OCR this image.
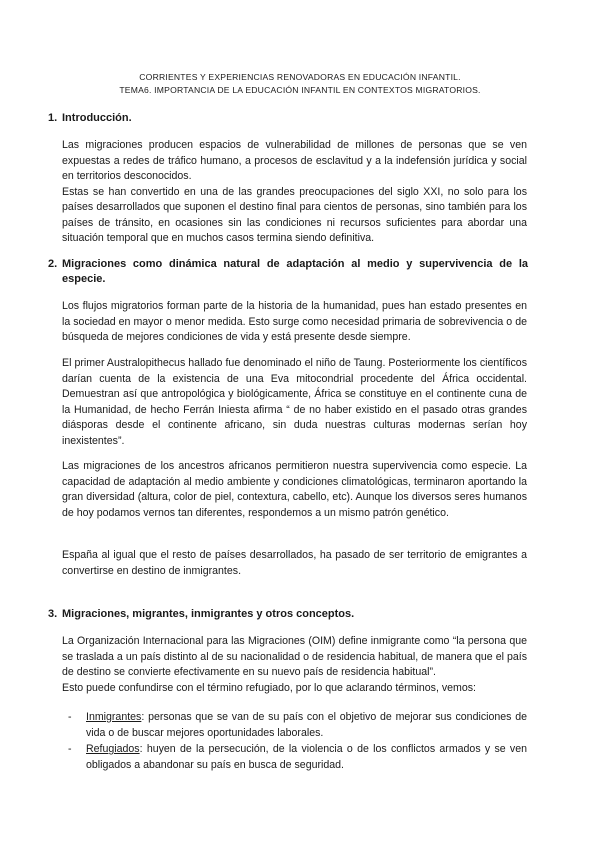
CORRIENTES Y EXPERIENCIAS RENOVADORAS EN EDUCACIÓN INFANTIL.
TEMA6. IMPORTANCIA DE LA EDUCACIÓN INFANTIL EN CONTEXTOS MIGRATORIOS.
1. Introducción.

Las migraciones producen espacios de vulnerabilidad de millones de personas que se ven expuestas a redes de tráfico humano, a procesos de esclavitud y a la indefensión jurídica y social en territorios desconocidos.

Estas se han convertido en una de las grandes preocupaciones del siglo XXI, no solo para los países desarrollados que suponen el destino final para cientos de personas, sino también para los países de tránsito, en ocasiones sin las condiciones ni recursos suficientes para abordar una situación temporal que en muchos casos termina siendo definitiva.

2. Migraciones como dinámica natural de adaptación al medio y supervivencia de la especie.
Los flujos migratorios forman parte de la historia de la humanidad, pues han estado presentes en la sociedad en mayor o menor medida. Esto surge como necesidad primaria de sobrevivencia o de búsqueda de mejores condiciones de vida y está presente desde siempre.
El primer Australopithecus hallado fue denominado el niño de Taung. Posteriormente los científicos darían cuenta de la existencia de una Eva mitocondrial procedente del África occidental. Demuestran así que antropológica y biológicamente, África se constituye en el continente cuna de la Humanidad, de hecho Ferrán Iniesta afirma “ de no haber existido en el pasado otras grandes diásporas desde el continente africano, sin duda nuestras culturas modernas serían hoy inexistentes”.
Las migraciones de los ancestros africanos permitieron nuestra supervivencia como especie. La capacidad de adaptación al medio ambiente y condiciones climatológicas, terminaron aportando la gran diversidad (altura, color de piel, contextura, cabello, etc). Aunque los diversos seres humanos de hoy podamos vernos tan diferentes, respondemos a un mismo patrón genético.
España al igual que el resto de países desarrollados, ha pasado de ser territorio de emigrantes a convertirse en destino de inmigrantes.
3. Migraciones, migrantes, inmigrantes y otros conceptos.

La Organización Internacional para las Migraciones (OIM) define inmigrante como “la persona que se traslada a un país distinto al de su nacionalidad o de residencia habitual, de manera que el país de destino se convierte efectivamente en su nuevo país de residencia habitual”.

Esto puede confundirse con el término refugiado, por lo que aclarando términos, vemos:

- Inmigrantes: personas que se van de su país con el objetivo de mejorar sus condiciones de vida o de buscar mejores oportunidades laborales.
- Refugiados: huyen de la persecución, de la violencia o de los conflictos armados y se ven obligados a abandonar su país en busca de seguridad.
